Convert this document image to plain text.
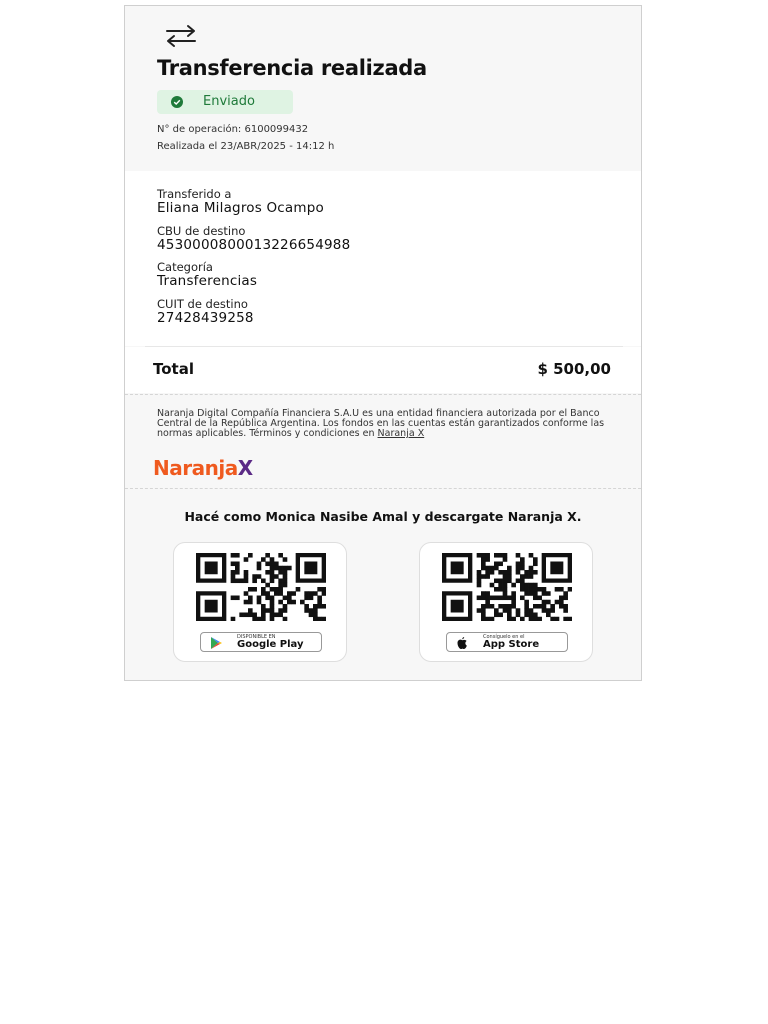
Transferencia realizada
Enviado
N° de operación: 6100099432
Realizada el 23/ABR/2025 - 14:12 h
Transferido a
Eliana Milagros Ocampo
CBU de destino
4530000800013226654988
Categoría
Transferencias
CUIT de destino
27428439258
Total	$ 500,00
Naranja Digital Compañía Financiera S.A.U es una entidad financiera autorizada por el Banco Central de la República Argentina. Los fondos en las cuentas están garantizados conforme las normas aplicables. Términos y condiciones en Naranja X
NaranjaX
Hacé como Monica Nasibe Amal y descargate Naranja X.
DISPONIBLE EN
Google Play
Consíguelo en el
App Store
